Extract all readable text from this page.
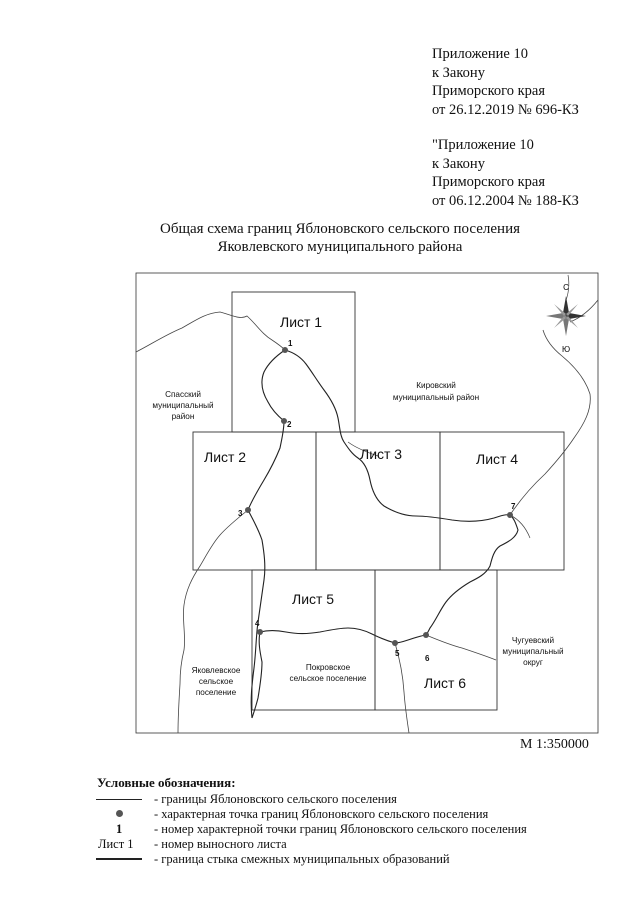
Приложение 10
к Закону
Приморского края
от 26.12.2019 № 696-КЗ
"Приложение 10
к Закону
Приморского края
от 06.12.2004 № 188-КЗ
Общая схема границ Яблоновского сельского поселения
Яковлевского муниципального района
С
Ю
Лист 1
Лист 2	Лист 3	Лист 4
Лист 5
Лист 6
Спасский
муниципальный
район
Кировский
муниципальный район
Чугуевский
муниципальный
округ
Яковлевское
сельское
поселение
Покровское
сельское поселение
1
2
3
4
5
6
7
М 1:350000
Условные обозначения:
- границы Яблоновского сельского поселения
- характерная точка границ Яблоновского сельского поселения
1	- номер характерной точки границ Яблоновского сельского поселения
Лист 1 - номер выносного листа
- граница стыка смежных муниципальных образований
